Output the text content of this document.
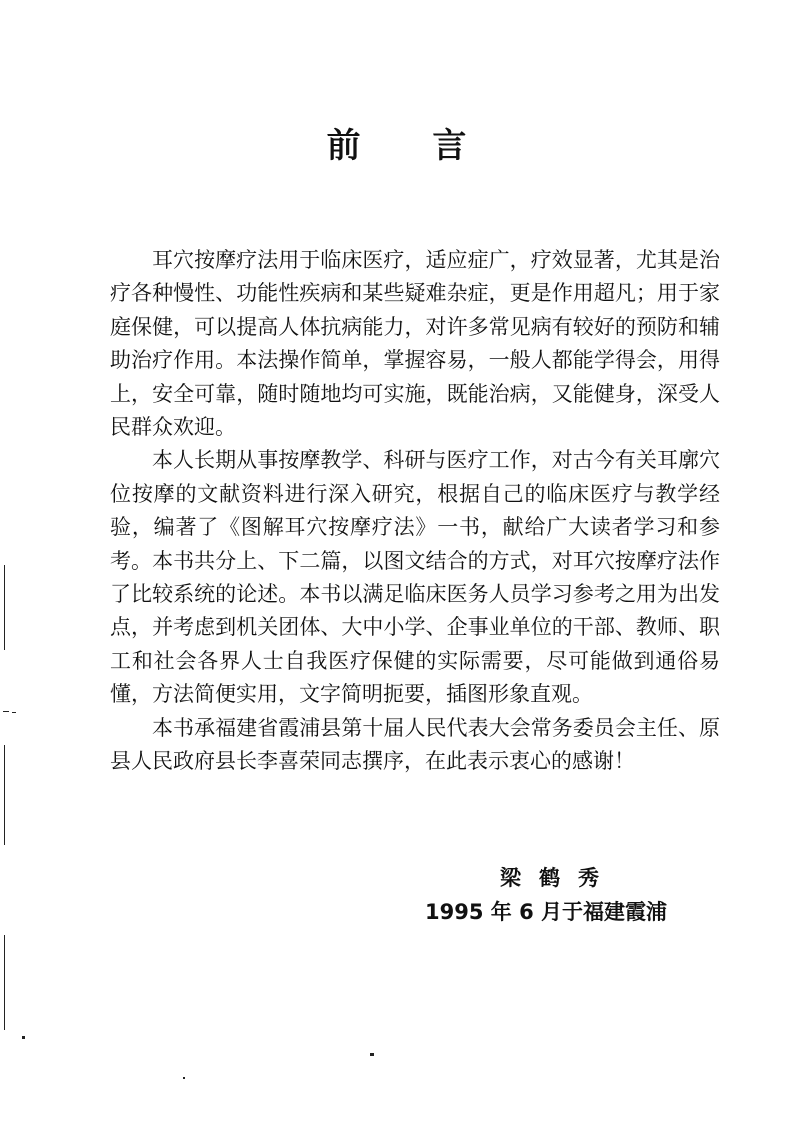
前 言

耳穴按摩疗法用于临床医疗，适应症广，疗效显著，尤其是治疗各种慢性、功能性疾病和某些疑难杂症，更是作用超凡；用于家庭保健，可以提高人体抗病能力，对许多常见病有较好的预防和辅助治疗作用。本法操作简单，掌握容易，一般人都能学得会，用得上，安全可靠，随时随地均可实施，既能治病，又能健身，深受人民群众欢迎。

本人长期从事按摩教学、科研与医疗工作，对古今有关耳廓穴位按摩的文献资料进行深入研究，根据自己的临床医疗与教学经验，编著了《图解耳穴按摩疗法》一书，献给广大读者学习和参考。本书共分上、下二篇，以图文结合的方式，对耳穴按摩疗法作了比较系统的论述。本书以满足临床医务人员学习参考之用为出发点，并考虑到机关团体、大中小学、企事业单位的干部、教师、职工和社会各界人士自我医疗保健的实际需要，尽可能做到通俗易懂，方法简便实用，文字简明扼要，插图形象直观。

本书承福建省霞浦县第十届人民代表大会常务委员会主任、原县人民政府县长李喜荣同志撰序，在此表示衷心的感谢！

梁鹤秀
1995 年 6 月于福建霞浦
